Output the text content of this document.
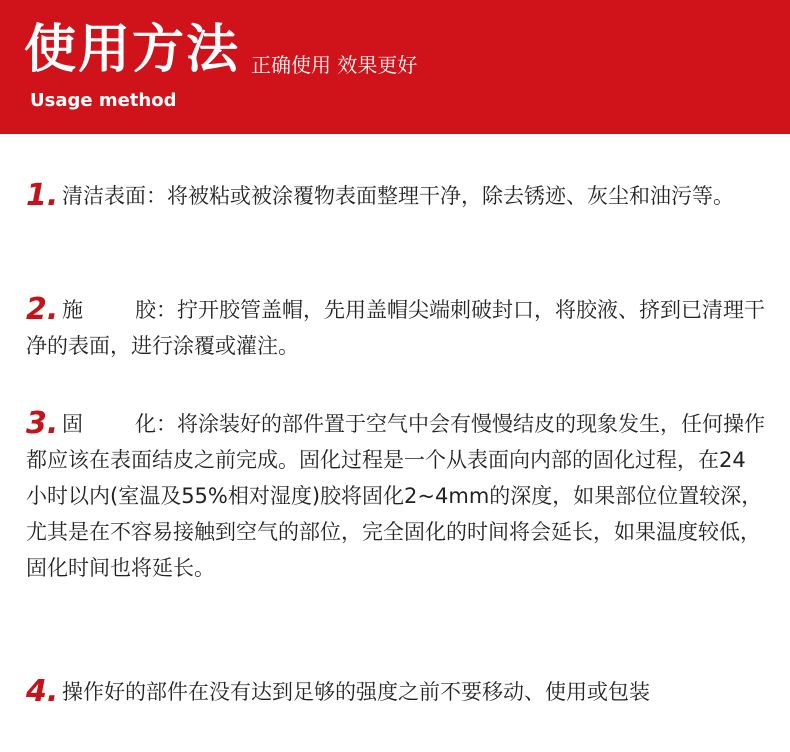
使用方法 正确使用 效果更好
Usage method
1. 清洁表面：将被粘或被涂覆物表面整理干净，除去锈迹、灰尘和油污等。
2. 施 胶：拧开胶管盖帽，先用盖帽尖端刺破封口，将胶液、挤到已清理干净的表面，进行涂覆或灌注。
3. 固 化：将涂装好的部件置于空气中会有慢慢结皮的现象发生，任何操作都应该在表面结皮之前完成。固化过程是一个从表面向内部的固化过程，在24小时以内(室温及55%相对湿度)胶将固化2~4mm的深度，如果部位位置较深，尤其是在不容易接触到空气的部位，完全固化的时间将会延长，如果温度较低，固化时间也将延长。
4. 操作好的部件在没有达到足够的强度之前不要移动、使用或包装
